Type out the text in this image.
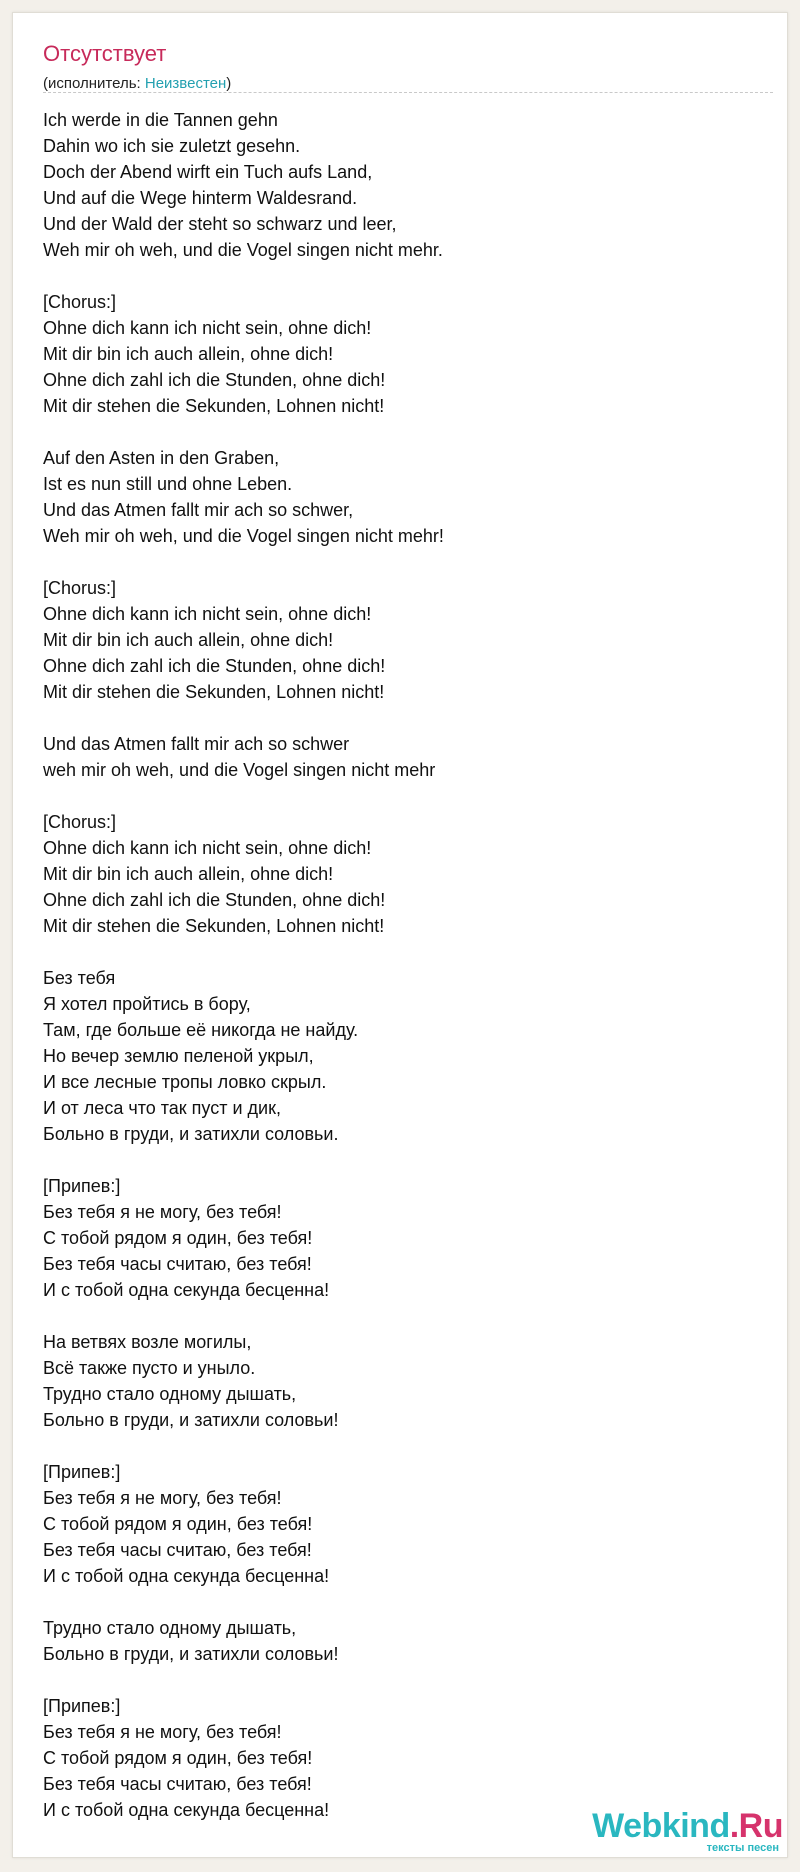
Отсутствует
(исполнитель: Неизвестен)
Ich werde in die Tannen gehn
Dahin wo ich sie zuletzt gesehn.
Doch der Abend wirft ein Tuch aufs Land,
Und auf die Wege hinterm Waldesrand.
Und der Wald der steht so schwarz und leer,
Weh mir oh weh, und die Vogel singen nicht mehr.

[Chorus:]
Ohne dich kann ich nicht sein, ohne dich!
Mit dir bin ich auch allein, ohne dich!
Ohne dich zahl ich die Stunden, ohne dich!
Mit dir stehen die Sekunden, Lohnen nicht!

Auf den Asten in den Graben,
Ist es nun still und ohne Leben.
Und das Atmen fallt mir ach so schwer,
Weh mir oh weh, und die Vogel singen nicht mehr!

[Chorus:]
Ohne dich kann ich nicht sein, ohne dich!
Mit dir bin ich auch allein, ohne dich!
Ohne dich zahl ich die Stunden, ohne dich!
Mit dir stehen die Sekunden, Lohnen nicht!

Und das Atmen fallt mir ach so schwer
weh mir oh weh, und die Vogel singen nicht mehr

[Chorus:]
Ohne dich kann ich nicht sein, ohne dich!
Mit dir bin ich auch allein, ohne dich!
Ohne dich zahl ich die Stunden, ohne dich!
Mit dir stehen die Sekunden, Lohnen nicht!

Без тебя
Я хотел пройтись в бору,
Там, где больше её никогда не найду.
Но вечер землю пеленой укрыл,
И все лесные тропы ловко скрыл.
И от леса что так пуст и дик,
Больно в груди, и затихли соловьи.

[Припев:]
Без тебя я не могу, без тебя!
С тобой рядом я один, без тебя!
Без тебя часы считаю, без тебя!
И с тобой одна секунда бесценна!

На ветвях возле могилы,
Всё также пусто и уныло.
Трудно стало одному дышать,
Больно в груди, и затихли соловьи!

[Припев:]
Без тебя я не могу, без тебя!
С тобой рядом я один, без тебя!
Без тебя часы считаю, без тебя!
И с тобой одна секунда бесценна!

Трудно стало одному дышать,
Больно в груди, и затихли соловьи!

[Припев:]
Без тебя я не могу, без тебя!
С тобой рядом я один, без тебя!
Без тебя часы считаю, без тебя!
И с тобой одна секунда бесценна!	Webkind.Ru
тексты песен
